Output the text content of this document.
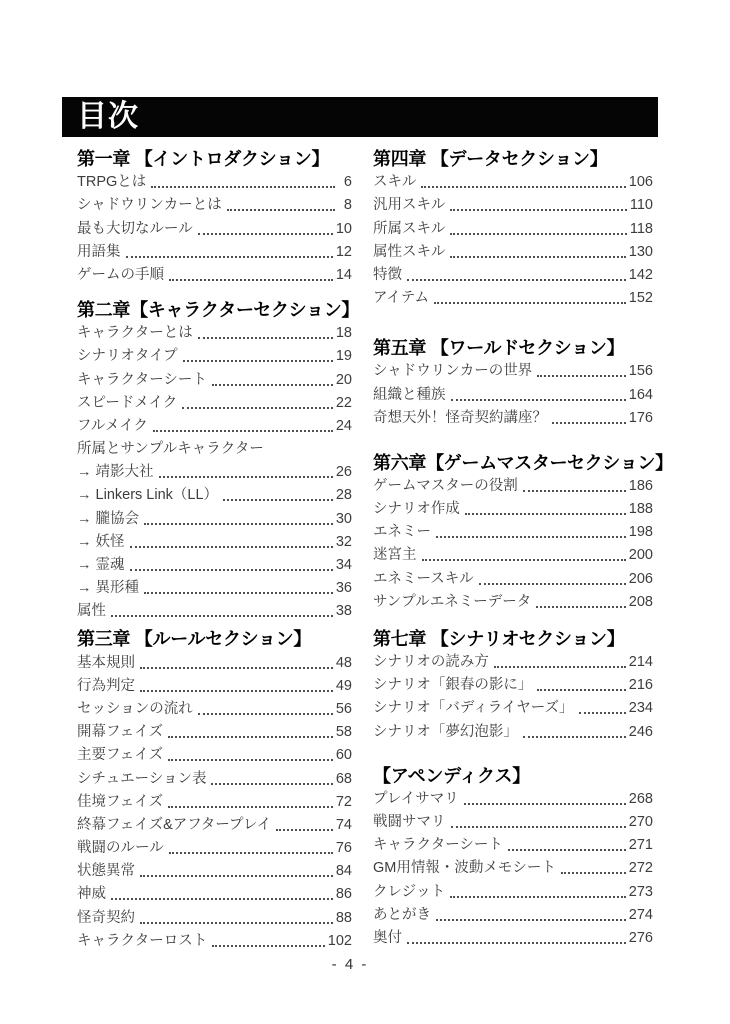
目次
第一章 【イントロダクション】
TRPGとは	6
シャドウリンカーとは	8
最も大切なルール	10
用語集	12
ゲームの手順	14
第二章【キャラクターセクション】
キャラクターとは	18
シナリオタイプ	19
キャラクターシート	20
スピードメイク	22
フルメイク	24
所属とサンプルキャラクター
→ 靖影大社	26
→ Linkers Link（LL）	28
→ 朧協会	30
→ 妖怪	32
→ 霊魂	34
→ 異形種	36
属性	38
第三章 【ルールセクション】
基本規則	48
行為判定	49
セッションの流れ	56
開幕フェイズ	58
主要フェイズ	60
シチュエーション表	68
佳境フェイズ	72
終幕フェイズ&アフタープレイ	74
戦闘のルール	76
状態異常	84
神威	86
怪奇契約	88
キャラクターロスト	102
第四章 【データセクション】
スキル	106
汎用スキル	110
所属スキル	118
属性スキル	130
特徴	142
アイテム	152
第五章 【ワールドセクション】
シャドウリンカーの世界	156
組織と種族	164
奇想天外！怪奇契約講座？	176
第六章【ゲームマスターセクション】
ゲームマスターの役割	186
シナリオ作成	188
エネミー	198
迷宮主	200
エネミースキル	206
サンプルエネミーデータ	208
第七章 【シナリオセクション】
シナリオの読み方	214
シナリオ「銀春の影に」	216
シナリオ「バディライヤーズ」	234
シナリオ「夢幻泡影」	246
【アペンディクス】
プレイサマリ	268
戦闘サマリ	270
キャラクターシート	271
GM用情報・波動メモシート	272
クレジット	273
あとがき	274
奥付	276
- 4 -
